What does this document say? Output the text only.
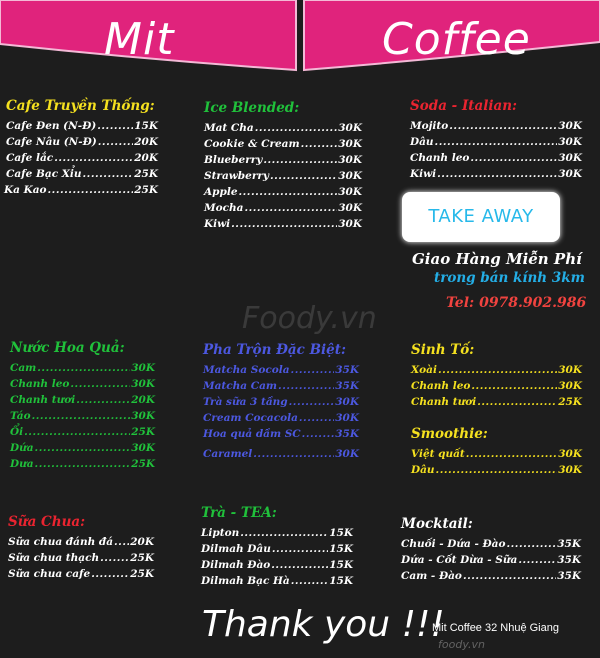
Mit	Coffee
Foody.vn
Cafe Truyền Thống:
Cafe Đen (N-Đ) .....	15K
Cafe Nâu (N-Đ) .....	20K
Cafe lắc .....	20K
Cafe Bạc Xỉu .....	25K
Ka Kao .....	25K
Ice Blended:
Mat Cha .....	30K
Cookie & Cream .....	30K
Blueberry .....	30K
Strawberry .....	30K
Apple .....	30K
Mocha .....	30K
Kiwi .....	30K
Soda - Italian:
Mojito .....	30K
Dâu .....	30K
Chanh leo .....	30K
Kiwi .....	30K
TAKE AWAY
Giao Hàng Miễn Phí
trong bán kính 3km
Tel: 0978.902.986
Nước Hoa Quả:
Cam .....	30K
Chanh leo .....	30K
Chanh tươi .....	20K
Táo .....	30K
Ổi .....	25K
Dứa .....	30K
Dưa .....	25K
Pha Trộn Đặc Biệt:
Matcha Socola .....	35K
Matcha Cam .....	35K
Trà sữa 3 tầng .....	30K
Cream Cocacola .....	30K
Hoa quả dầm SC .....	35K
Caramel .....	30K
Sinh Tố:
Xoài .....	30K
Chanh leo .....	30K
Chanh tươi .....	25K
Smoothie:
Việt quất .....	30K
Dâu .....	30K
Sữa Chua:
Sữa chua đánh đá ..... 20K
Sữa chua thạch .....	25K
Sữa chua cafe .....	25K
Trà - TEA:
Lipton .....	15K
Dilmah Dâu .....	15K
Dilmah Đào .....	15K
Dilmah Bạc Hà .....	15K
Mocktail:
Chuối - Dứa - Đào .....	35K
Dứa - Cốt Dừa - Sữa .....	35K
Cam - Đào .....	35K
Thank you !!!
Mit Coffee 32 Nhuệ Giang
foody.vn
